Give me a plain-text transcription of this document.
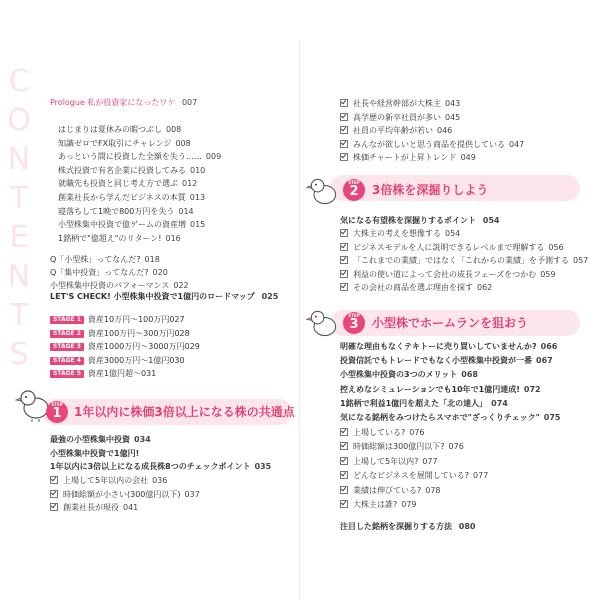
CONTENTS
Prologue 私が投資家になったワケ 007
はじまりは夏休みの暇つぶし 008
知識ゼロでFX取引にチャレンジ 008
あっという間に投資した全額を失う…… 009
株式投資で有名企業に投資してみる 010
就職先も投資と同じ考え方で選ぶ 012
創業社長から学んだビジネスの本質 013
寝落ちして1晩で800万円を失う 014
小型株集中投資で億ゲームの資産増 015
1銘柄で"億超え"のリターン! 016
Q「小型株」ってなんだ? 018
Q「集中投資」ってなんだ? 020
小型株集中投資のパフォーマンス 022
LET'S CHECK! 小型株集中投資で1億円のロードマップ 025
STAGE 1 資産10万円〜100万円027
STAGE 2 資産100万円〜300万円028
STAGE 3 資産1000万円〜3000万円029
STAGE 4 資産3000万円〜1億円030
STAGE 5 資産1億円超〜031
STEP
1	1年以内に株価3倍以上になる株の共通点
最強の小型株集中投資 034
小型株集中投資で1億円!
1年以内に3倍以上になる成長株8つのチェックポイント 035
上場して5年以内の会社 036
時価総額が小さい(300億円以下) 037
創業社長が現役 041
社長や経営幹部が大株主 043
高学歴の新卒社員が多い 045
社員の平均年齢が若い 046
みんなが欲しいと思う商品を提供している 047
株価チャートが上昇トレンド 049
STEP
2	3倍株を深掘りしよう
気になる有望株を深掘りするポイント 054
大株主の考えを想像する 054
ビジネスモデルを人に説明できるレベルまで理解する 056
「これまでの業績」ではなく「これからの業績」を予測する 057
利益の使い道によって会社の成長フェーズをつかむ 059
その会社の商品を選ぶ理由を探す 062
STEP
3	小型株でホームランを狙おう
明確な理由もなくテキトーに売り買いしていませんか? 066
投資信託でもトレードでもなく小型株集中投資が一番 067
小型株集中投資の3つのメリット 068
控えめなシミュレーションでも10年で1億円達成! 072
1銘柄で利益1億円を超えた「北の達人」 074
気になる銘柄をみつけたらスマホで"ざっくりチェック" 075
上場している? 076
時価総額は300億円以下? 076
上場して5年以内? 077
どんなビジネスを展開している? 077
業績は伸びている? 078
大株主は誰? 079
注目した銘柄を深掘りする方法 080
